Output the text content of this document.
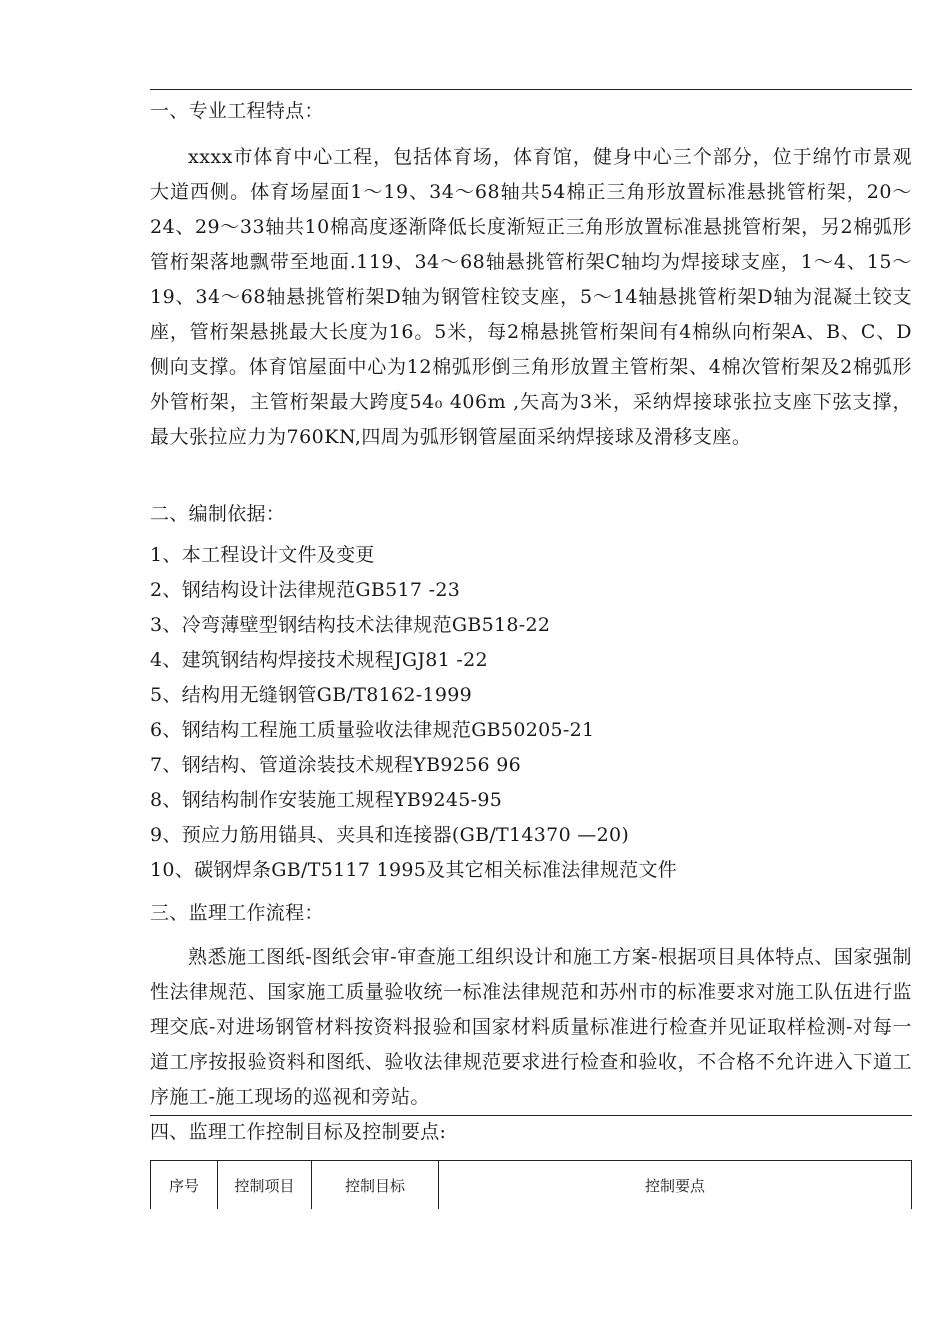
一、专业工程特点：
xxxx市体育中心工程，包括体育场，体育馆，健身中心三个部分，位于绵竹市景观大道西侧。体育场屋面1〜19、34〜68轴共54棉正三角形放置标准悬挑管桁架，20〜24、29〜33轴共10棉高度逐渐降低长度渐短正三角形放置标准悬挑管桁架，另2棉弧形管桁架落地飘带至地面.119、34〜68轴悬挑管桁架C轴均为焊接球支座，1〜4、15〜19、34〜68轴悬挑管桁架D轴为钢管柱铰支座，5〜14轴悬挑管桁架D轴为混凝土铰支座，管桁架悬挑最大长度为16。5米，每2棉悬挑管桁架间有4棉纵向桁架A、B、C、D侧向支撑。体育馆屋面中心为12棉弧形倒三角形放置主管桁架、4棉次管桁架及2棉弧形外管桁架，主管桁架最大跨度54₀ 406m ,矢高为3米，采纳焊接球张拉支座下弦支撑，最大张拉应力为760KN,四周为弧形钢管屋面采纳焊接球及滑移支座。
二、编制依据：
1、本工程设计文件及变更
2、钢结构设计法律规范GB517 -23
3、冷弯薄壁型钢结构技术法律规范GB518-22
4、建筑钢结构焊接技术规程JGJ81 -22
5、结构用无缝钢管GB/T8162-1999
6、钢结构工程施工质量验收法律规范GB50205-21
7、钢结构、管道涂装技术规程YB9256 96
8、钢结构制作安装施工规程YB9245-95
9、预应力筋用锚具、夹具和连接器(GB/T14370 —20)
10、碳钢焊条GB/T5117 1995及其它相关标准法律规范文件
三、监理工作流程：
熟悉施工图纸-图纸会审-审查施工组织设计和施工方案-根据项目具体特点、国家强制性法律规范、国家施工质量验收统一标准法律规范和苏州市的标准要求对施工队伍进行监理交底-对进场钢管材料按资料报验和国家材料质量标准进行检查并见证取样检测-对每一道工序按报验资料和图纸、验收法律规范要求进行检查和验收，不合格不允许进入下道工序施工-施工现场的巡视和旁站。
四、监理工作控制目标及控制要点:
序号	控制项目	控制目标	控制要点
